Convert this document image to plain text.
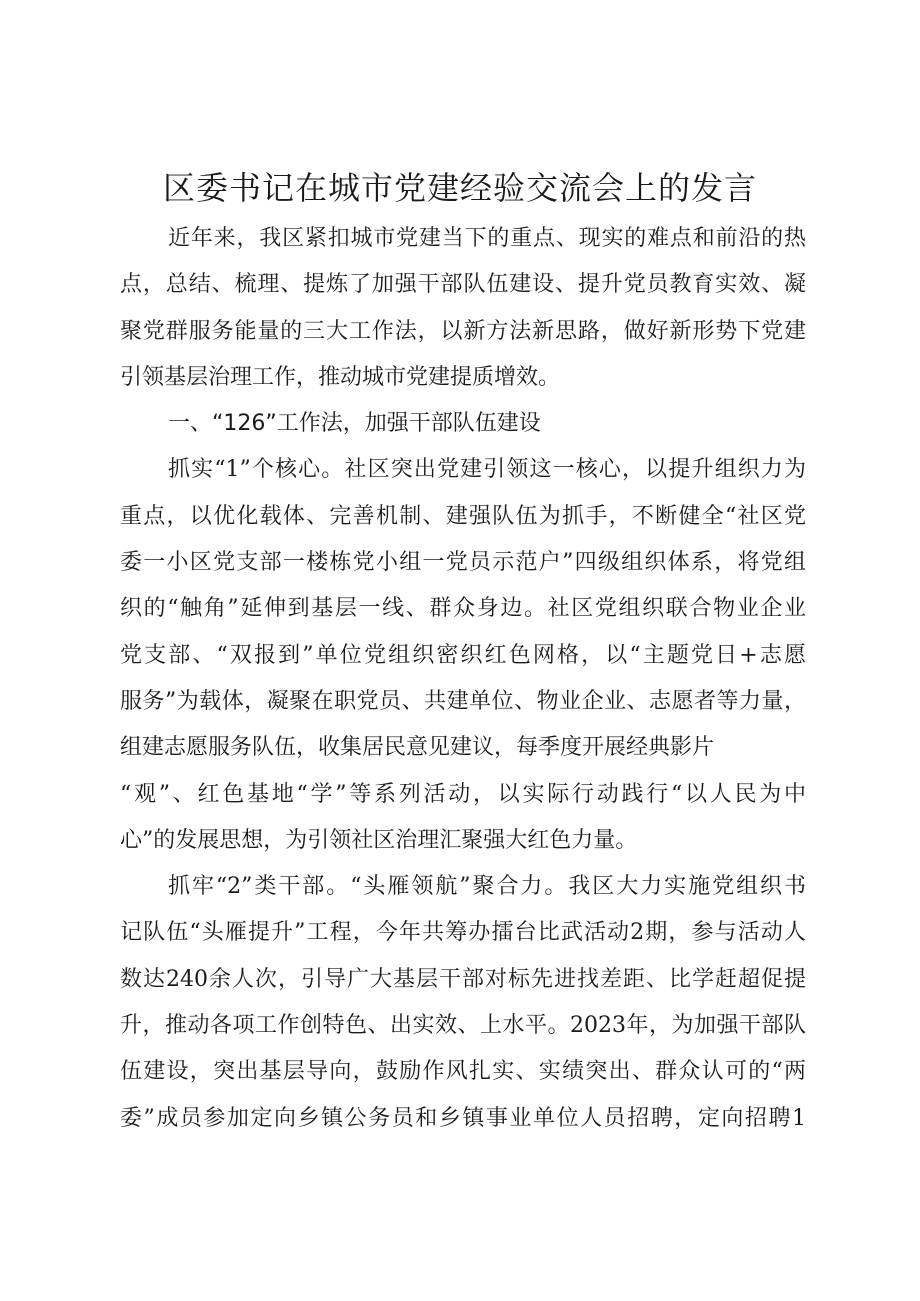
区委书记在城市党建经验交流会上的发言
近年来，我区紧扣城市党建当下的重点、现实的难点和前沿的热
点，总结、梳理、提炼了加强干部队伍建设、提升党员教育实效、凝
聚党群服务能量的三大工作法，以新方法新思路，做好新形势下党建
引领基层治理工作，推动城市党建提质增效。
一、“126”工作法，加强干部队伍建设
抓实“1”个核心。社区突出党建引领这一核心，以提升组织力为
重点，以优化载体、完善机制、建强队伍为抓手，不断健全“社区党
委一小区党支部一楼栋党小组一党员示范户”四级组织体系，将党组
织的“触角”延伸到基层一线、群众身边。社区党组织联合物业企业
党支部、“双报到”单位党组织密织红色网格，以“主题党日+志愿
服务”为载体，凝聚在职党员、共建单位、物业企业、志愿者等力量，
组建志愿服务队伍，收集居民意见建议，每季度开展经典影片
“观”、红色基地“学”等系列活动，以实际行动践行“以人民为中
心”的发展思想，为引领社区治理汇聚强大红色力量。
抓牢“2”类干部。“头雁领航”聚合力。我区大力实施党组织书
记队伍“头雁提升”工程，今年共筹办擂台比武活动2期，参与活动人
数达240余人次，引导广大基层干部对标先进找差距、比学赶超促提
升，推动各项工作创特色、出实效、上水平。2023年，为加强干部队
伍建设，突出基层导向，鼓励作风扎实、实绩突出、群众认可的“两
委”成员参加定向乡镇公务员和乡镇事业单位人员招聘，定向招聘1
